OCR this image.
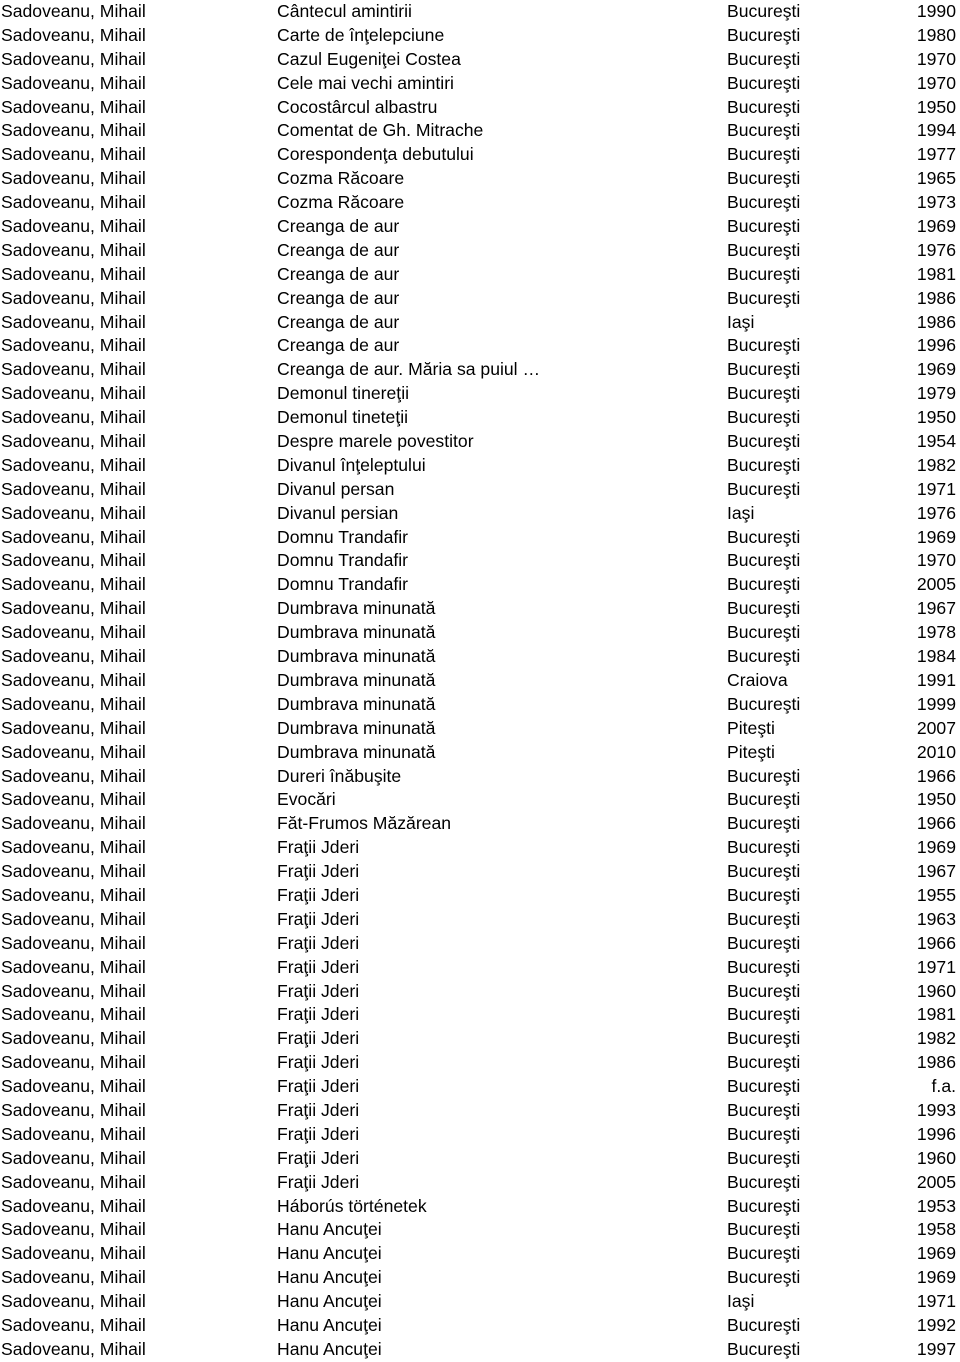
Sadoveanu, Mihail	Cântecul amintirii	Bucureşti	1990
Sadoveanu, Mihail	Carte de înţelepciune	Bucureşti	1980
Sadoveanu, Mihail	Cazul Eugeniţei Costea	Bucureşti	1970
Sadoveanu, Mihail	Cele mai vechi amintiri	Bucureşti	1970
Sadoveanu, Mihail	Cocostârcul albastru	Bucureşti	1950
Sadoveanu, Mihail	Comentat de Gh. Mitrache	Bucureşti	1994
Sadoveanu, Mihail	Corespondenţa debutului	Bucureşti	1977
Sadoveanu, Mihail	Cozma Răcoare	Bucureşti	1965
Sadoveanu, Mihail	Cozma Răcoare	Bucureşti	1973
Sadoveanu, Mihail	Creanga de aur	Bucureşti	1969
Sadoveanu, Mihail	Creanga de aur	Bucureşti	1976
Sadoveanu, Mihail	Creanga de aur	Bucureşti	1981
Sadoveanu, Mihail	Creanga de aur	Bucureşti	1986
Sadoveanu, Mihail	Creanga de aur	Iaşi	1986
Sadoveanu, Mihail	Creanga de aur	Bucureşti	1996
Sadoveanu, Mihail	Creanga de aur. Măria sa puiul …	Bucureşti	1969
Sadoveanu, Mihail	Demonul tinereţii	Bucureşti	1979
Sadoveanu, Mihail	Demonul tineteţii	Bucureşti	1950
Sadoveanu, Mihail	Despre marele povestitor	Bucureşti	1954
Sadoveanu, Mihail	Divanul înţeleptului	Bucureşti	1982
Sadoveanu, Mihail	Divanul persan	Bucureşti	1971
Sadoveanu, Mihail	Divanul persian	Iaşi	1976
Sadoveanu, Mihail	Domnu Trandafir	Bucureşti	1969
Sadoveanu, Mihail	Domnu Trandafir	Bucureşti	1970
Sadoveanu, Mihail	Domnu Trandafir	Bucureşti	2005
Sadoveanu, Mihail	Dumbrava minunată	Bucureşti	1967
Sadoveanu, Mihail	Dumbrava minunată	Bucureşti	1978
Sadoveanu, Mihail	Dumbrava minunată	Bucureşti	1984
Sadoveanu, Mihail	Dumbrava minunată	Craiova	1991
Sadoveanu, Mihail	Dumbrava minunată	Bucureşti	1999
Sadoveanu, Mihail	Dumbrava minunată	Piteşti	2007
Sadoveanu, Mihail	Dumbrava minunată	Piteşti	2010
Sadoveanu, Mihail	Dureri înăbuşite	Bucureşti	1966
Sadoveanu, Mihail	Evocări	Bucureşti	1950
Sadoveanu, Mihail	Făt-Frumos Măzărean	Bucureşti	1966
Sadoveanu, Mihail	Fraţii Jderi	Bucureşti	1969
Sadoveanu, Mihail	Fraţii Jderi	Bucureşti	1967
Sadoveanu, Mihail	Fraţii Jderi	Bucureşti	1955
Sadoveanu, Mihail	Fraţii Jderi	Bucureşti	1963
Sadoveanu, Mihail	Fraţii Jderi	Bucureşti	1966
Sadoveanu, Mihail	Fraţii Jderi	Bucureşti	1971
Sadoveanu, Mihail	Fraţii Jderi	Bucureşti	1960
Sadoveanu, Mihail	Fraţii Jderi	Bucureşti	1981
Sadoveanu, Mihail	Fraţii Jderi	Bucureşti	1982
Sadoveanu, Mihail	Fraţii Jderi	Bucureşti	1986
Sadoveanu, Mihail	Fraţii Jderi	Bucureşti	f.a.
Sadoveanu, Mihail	Fraţii Jderi	Bucureşti	1993
Sadoveanu, Mihail	Fraţii Jderi	Bucureşti	1996
Sadoveanu, Mihail	Fraţii Jderi	Bucureşti	1960
Sadoveanu, Mihail	Fraţii Jderi	Bucureşti	2005
Sadoveanu, Mihail	Háborús történetek	Bucureşti	1953
Sadoveanu, Mihail	Hanu Ancuţei	Bucureşti	1958
Sadoveanu, Mihail	Hanu Ancuţei	Bucureşti	1969
Sadoveanu, Mihail	Hanu Ancuţei	Bucureşti	1969
Sadoveanu, Mihail	Hanu Ancuţei	Iaşi	1971
Sadoveanu, Mihail	Hanu Ancuţei	Bucureşti	1992
Sadoveanu, Mihail	Hanu Ancuţei	Bucureşti	1997
